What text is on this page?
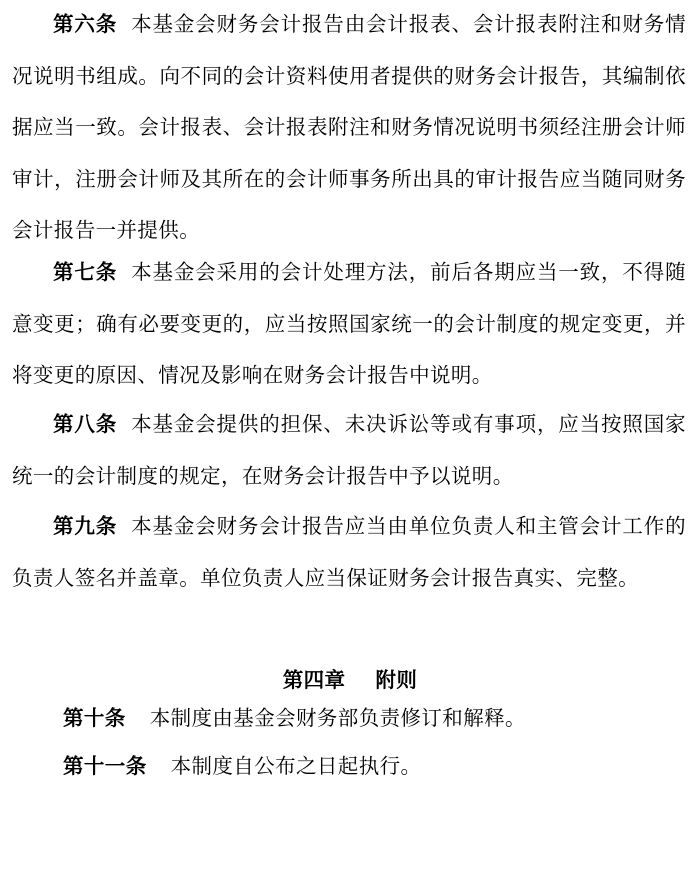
第六条 本基金会财务会计报告由会计报表、会计报表附注和财务情况说明书组成。向不同的会计资料使用者提供的财务会计报告，其编制依据应当一致。会计报表、会计报表附注和财务情况说明书须经注册会计师审计，注册会计师及其所在的会计师事务所出具的审计报告应当随同财务会计报告一并提供。

第七条 本基金会采用的会计处理方法，前后各期应当一致，不得随意变更；确有必要变更的，应当按照国家统一的会计制度的规定变更，并将变更的原因、情况及影响在财务会计报告中说明。

第八条 本基金会提供的担保、未决诉讼等或有事项，应当按照国家统一的会计制度的规定，在财务会计报告中予以说明。

第九条 本基金会财务会计报告应当由单位负责人和主管会计工作的负责人签名并盖章。单位负责人应当保证财务会计报告真实、完整。

第四章 附则

第十条 本制度由基金会财务部负责修订和解释。

第十一条 本制度自公布之日起执行。
